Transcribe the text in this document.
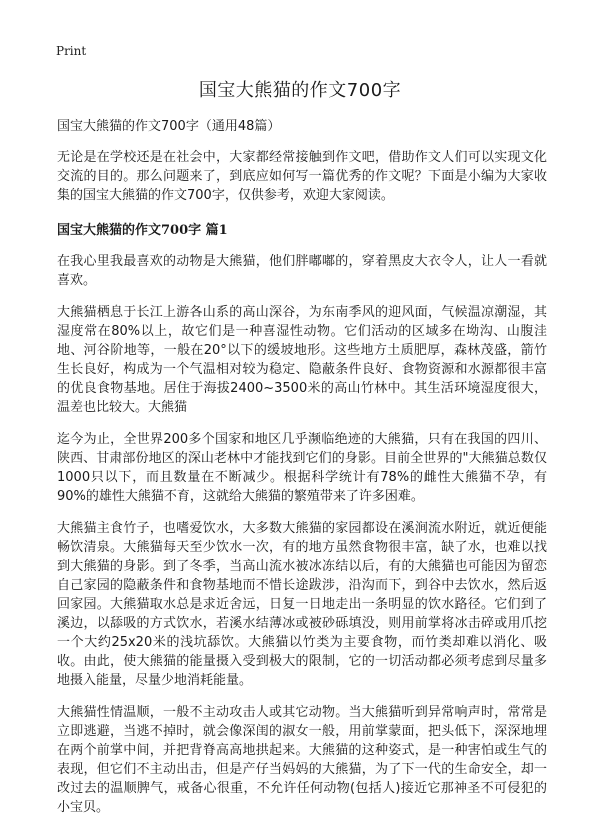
Print
国宝大熊猫的作文700字

国宝大熊猫的作文700字（通用48篇）

无论是在学校还是在社会中，大家都经常接触到作文吧，借助作文人们可以实现文化交流的目的。那么问题来了，到底应如何写一篇优秀的作文呢？下面是小编为大家收集的国宝大熊猫的作文700字，仅供参考，欢迎大家阅读。

国宝大熊猫的作文700字 篇1

在我心里我最喜欢的动物是大熊猫，他们胖嘟嘟的，穿着黑皮大衣令人，让人一看就喜欢。

大熊猫栖息于长江上游各山系的高山深谷，为东南季风的迎风面，气候温凉潮湿，其湿度常在80%以上，故它们是一种喜湿性动物。它们活动的区域多在坳沟、山腹洼地、河谷阶地等，一般在20°以下的缓坡地形。这些地方土质肥厚，森林茂盛，箭竹生长良好，构成为一个气温相对较为稳定、隐蔽条件良好、食物资源和水源都很丰富的优良食物基地。居住于海拔2400~3500米的高山竹林中。其生活环境湿度很大，温差也比较大。大熊猫

迄今为止，全世界200多个国家和地区几乎濒临绝迹的大熊猫，只有在我国的四川、陕西、甘肃部份地区的深山老林中才能找到它们的身影。目前全世界的"大熊猫总数仅1000只以下，而且数量在不断减少。根据科学统计有78%的雌性大熊猫不孕，有90%的雄性大熊猫不育，这就给大熊猫的繁殖带来了许多困难。

大熊猫主食竹子，也嗜爱饮水，大多数大熊猫的家园都设在溪涧流水附近，就近便能畅饮清泉。大熊猫每天至少饮水一次，有的地方虽然食物很丰富，缺了水，也难以找到大熊猫的身影。到了冬季，当高山流水被冰冻结以后，有的大熊猫也可能因为留恋自己家园的隐蔽条件和食物基地而不惜长途跋涉，沿沟而下，到谷中去饮水，然后返回家园。大熊猫取水总是求近舍远，日复一日地走出一条明显的饮水路径。它们到了溪边，以舔吸的方式饮水，若溪水结薄冰或被砂砾填没，则用前掌将冰击碎或用爪挖一个大约25x20米的浅坑舔饮。大熊猫以竹类为主要食物，而竹类却难以消化、吸收。由此，使大熊猫的能量摄入受到极大的限制，它的一切活动都必须考虑到尽量多地摄入能量，尽量少地消耗能量。

大熊猫性情温顺，一般不主动攻击人或其它动物。当大熊猫听到异常响声时，常常是立即逃避，当逃不掉时，就会像深闺的淑女一般，用前掌蒙面，把头低下，深深地埋在两个前掌中间，并把背脊高高地拱起来。大熊猫的这种姿式，是一种害怕或生气的表现，但它们不主动出击，但是产仔当妈妈的大熊猫，为了下一代的生命安全，却一改过去的温顺脾气，戒备心很重，不允许任何动物(包括人)接近它那神圣不可侵犯的小宝贝。
